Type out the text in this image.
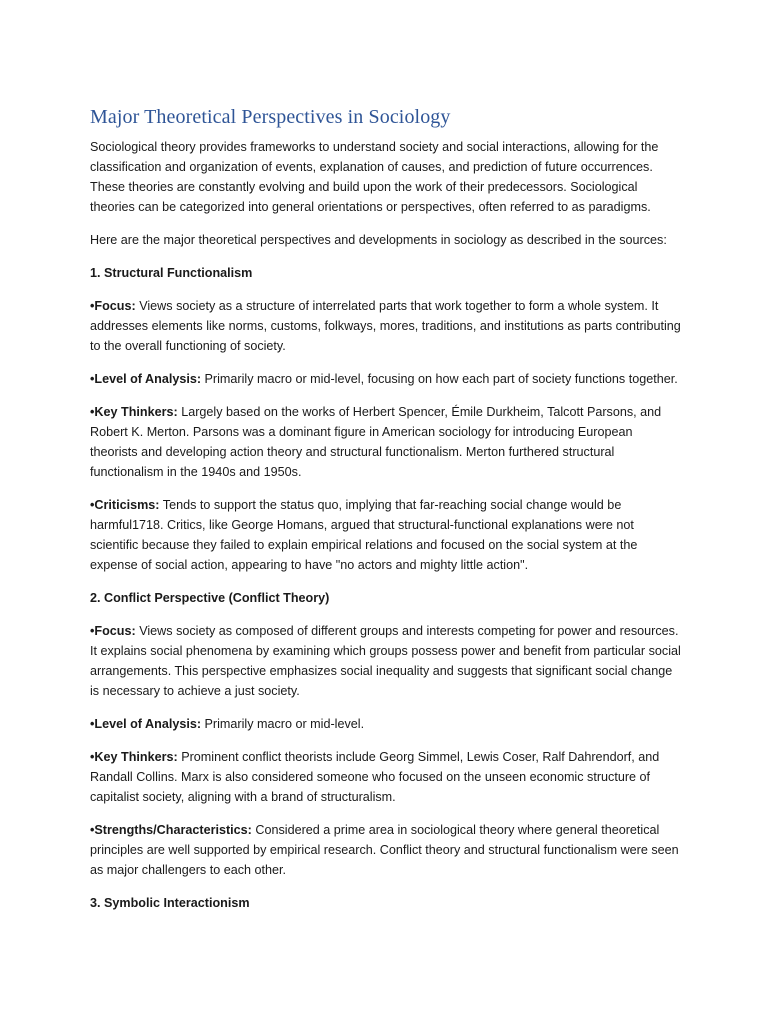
Major Theoretical Perspectives in Sociology

Sociological theory provides frameworks to understand society and social interactions, allowing for the classification and organization of events, explanation of causes, and prediction of future occurrences. These theories are constantly evolving and build upon the work of their predecessors. Sociological theories can be categorized into general orientations or perspectives, often referred to as paradigms.

Here are the major theoretical perspectives and developments in sociology as described in the sources:

1. Structural Functionalism

•Focus: Views society as a structure of interrelated parts that work together to form a whole system. It addresses elements like norms, customs, folkways, mores, traditions, and institutions as parts contributing to the overall functioning of society.

•Level of Analysis: Primarily macro or mid-level, focusing on how each part of society functions together.

•Key Thinkers: Largely based on the works of Herbert Spencer, Émile Durkheim, Talcott Parsons, and Robert K. Merton. Parsons was a dominant figure in American sociology for introducing European theorists and developing action theory and structural functionalism. Merton furthered structural functionalism in the 1940s and 1950s.

•Criticisms: Tends to support the status quo, implying that far-reaching social change would be harmful1718. Critics, like George Homans, argued that structural-functional explanations were not scientific because they failed to explain empirical relations and focused on the social system at the expense of social action, appearing to have "no actors and mighty little action".

2. Conflict Perspective (Conflict Theory)

•Focus: Views society as composed of different groups and interests competing for power and resources. It explains social phenomena by examining which groups possess power and benefit from particular social arrangements. This perspective emphasizes social inequality and suggests that significant social change is necessary to achieve a just society.

•Level of Analysis: Primarily macro or mid-level.

•Key Thinkers: Prominent conflict theorists include Georg Simmel, Lewis Coser, Ralf Dahrendorf, and Randall Collins. Marx is also considered someone who focused on the unseen economic structure of capitalist society, aligning with a brand of structuralism.

•Strengths/Characteristics: Considered a prime area in sociological theory where general theoretical principles are well supported by empirical research. Conflict theory and structural functionalism were seen as major challengers to each other.

3. Symbolic Interactionism
